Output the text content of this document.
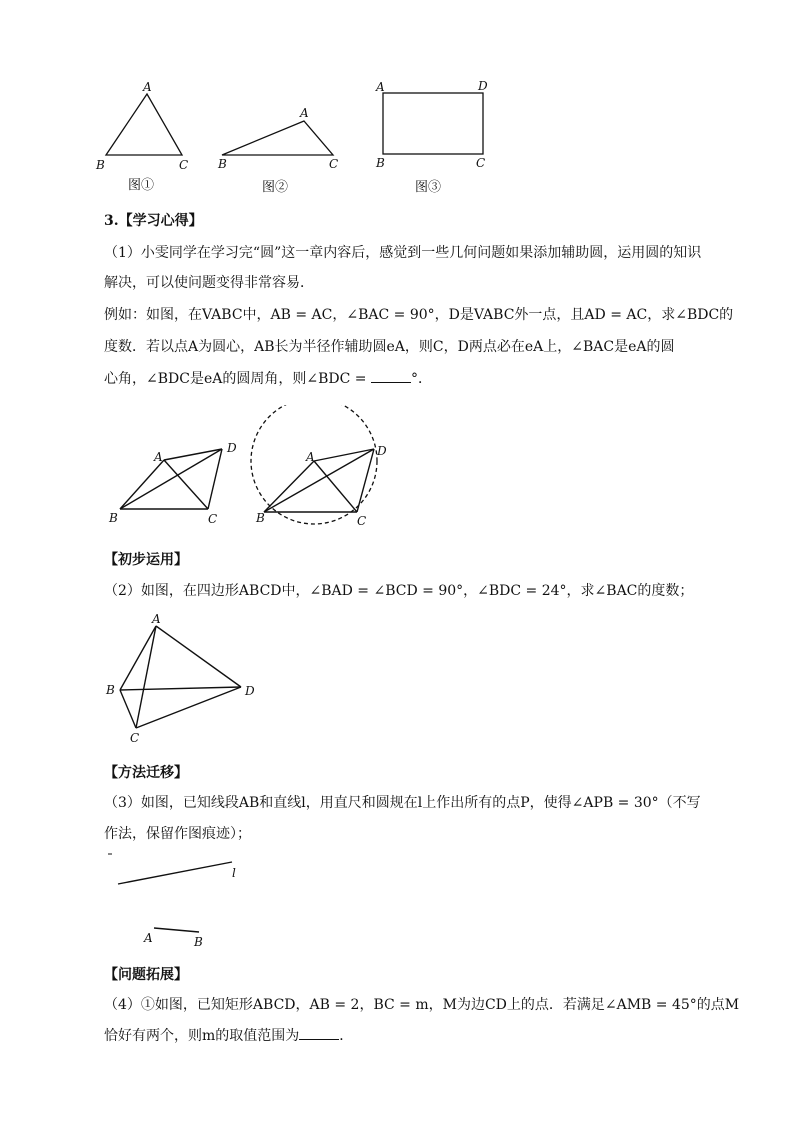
A
B	C
图①
A
B	C
图②
A	D
B	C
图③
3.【学习心得】
（1）小雯同学在学习完“圆”这一章内容后，感觉到一些几何问题如果添加辅助圆，运用圆的知识
解决，可以使问题变得非常容易．
例如：如图，在VABC中，AB = AC，∠BAC = 90°，D是VABC外一点，且AD = AC，求∠BDC的
度数．若以点A为圆心，AB长为半径作辅助圆eA，则C，D两点必在eA上，∠BAC是eA的圆
心角，∠BDC是eA的圆周角，则∠BDC =	°．
A
B	C
D
A
B	C
D
【初步运用】
（2）如图，在四边形ABCD中，∠BAD = ∠BCD = 90°，∠BDC = 24°，求∠BAC的度数；
A
B
C
D
【方法迁移】
（3）如图，已知线段AB和直线l，用直尺和圆规在l上作出所有的点P，使得∠APB = 30°（不写
作法，保留作图痕迹）；
l
A	B
【问题拓展】
（4）①如图，已知矩形ABCD，AB = 2，BC = m，M为边CD上的点．若满足∠AMB = 45°的点M
恰好有两个，则m的取值范围为	．
